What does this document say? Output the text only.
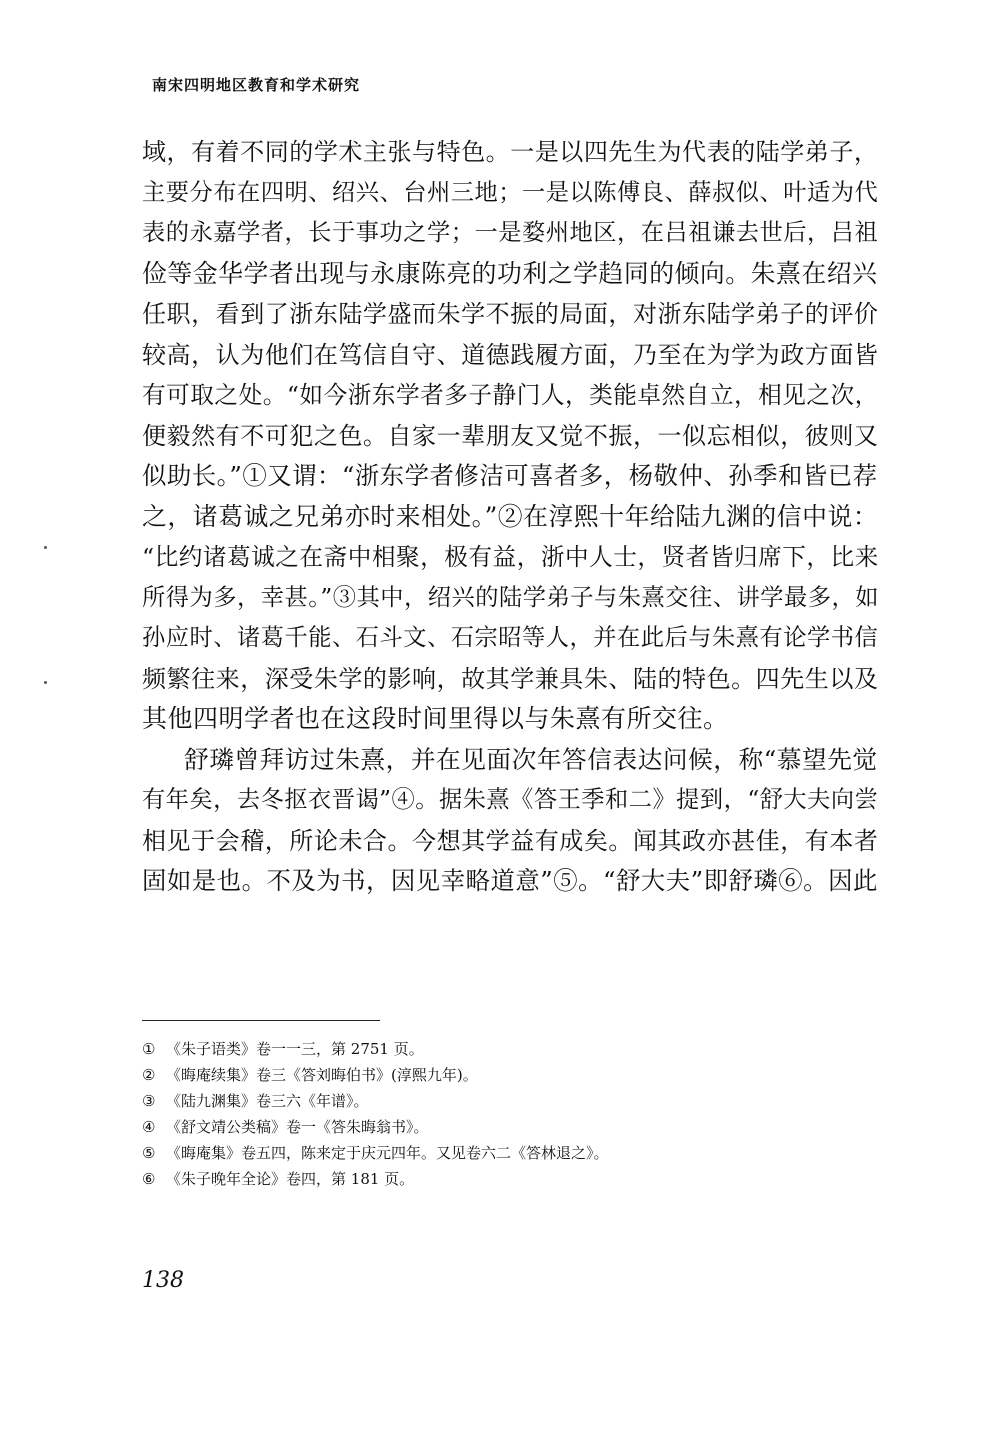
南宋四明地区教育和学术研究
域，有着不同的学术主张与特色。一是以四先生为代表的陆学弟子，
主要分布在四明、绍兴、台州三地；一是以陈傅良、薛叔似、叶适为代
表的永嘉学者，长于事功之学；一是婺州地区，在吕祖谦去世后，吕祖
俭等金华学者出现与永康陈亮的功利之学趋同的倾向。朱熹在绍兴
任职，看到了浙东陆学盛而朱学不振的局面，对浙东陆学弟子的评价
较高，认为他们在笃信自守、道德践履方面，乃至在为学为政方面皆
有可取之处。“如今浙东学者多子静门人，类能卓然自立，相见之次，
便毅然有不可犯之色。自家一辈朋友又觉不振，一似忘相似，彼则又
似助长。”①又谓：“浙东学者修洁可喜者多，杨敬仲、孙季和皆已荐
之，诸葛诚之兄弟亦时来相处。”②在淳熙十年给陆九渊的信中说：
“比约诸葛诚之在斋中相聚，极有益，浙中人士，贤者皆归席下，比来
所得为多，幸甚。”③其中，绍兴的陆学弟子与朱熹交往、讲学最多，如
孙应时、诸葛千能、石斗文、石宗昭等人，并在此后与朱熹有论学书信
频繁往来，深受朱学的影响，故其学兼具朱、陆的特色。四先生以及
其他四明学者也在这段时间里得以与朱熹有所交往。
舒璘曾拜访过朱熹，并在见面次年答信表达问候，称“慕望先觉
有年矣，去冬抠衣晋谒”④。据朱熹《答王季和二》提到，“舒大夫向尝
相见于会稽，所论未合。今想其学益有成矣。闻其政亦甚佳，有本者
固如是也。不及为书，因见幸略道意”⑤。“舒大夫”即舒璘⑥。因此
① 《朱子语类》卷一一三，第 2751 页。
② 《晦庵续集》卷三《答刘晦伯书》(淳熙九年)。
③ 《陆九渊集》卷三六《年谱》。
④ 《舒文靖公类稿》卷一《答朱晦翁书》。
⑤ 《晦庵集》卷五四，陈来定于庆元四年。又见卷六二《答林退之》。
⑥ 《朱子晚年全论》卷四，第 181 页。
138
